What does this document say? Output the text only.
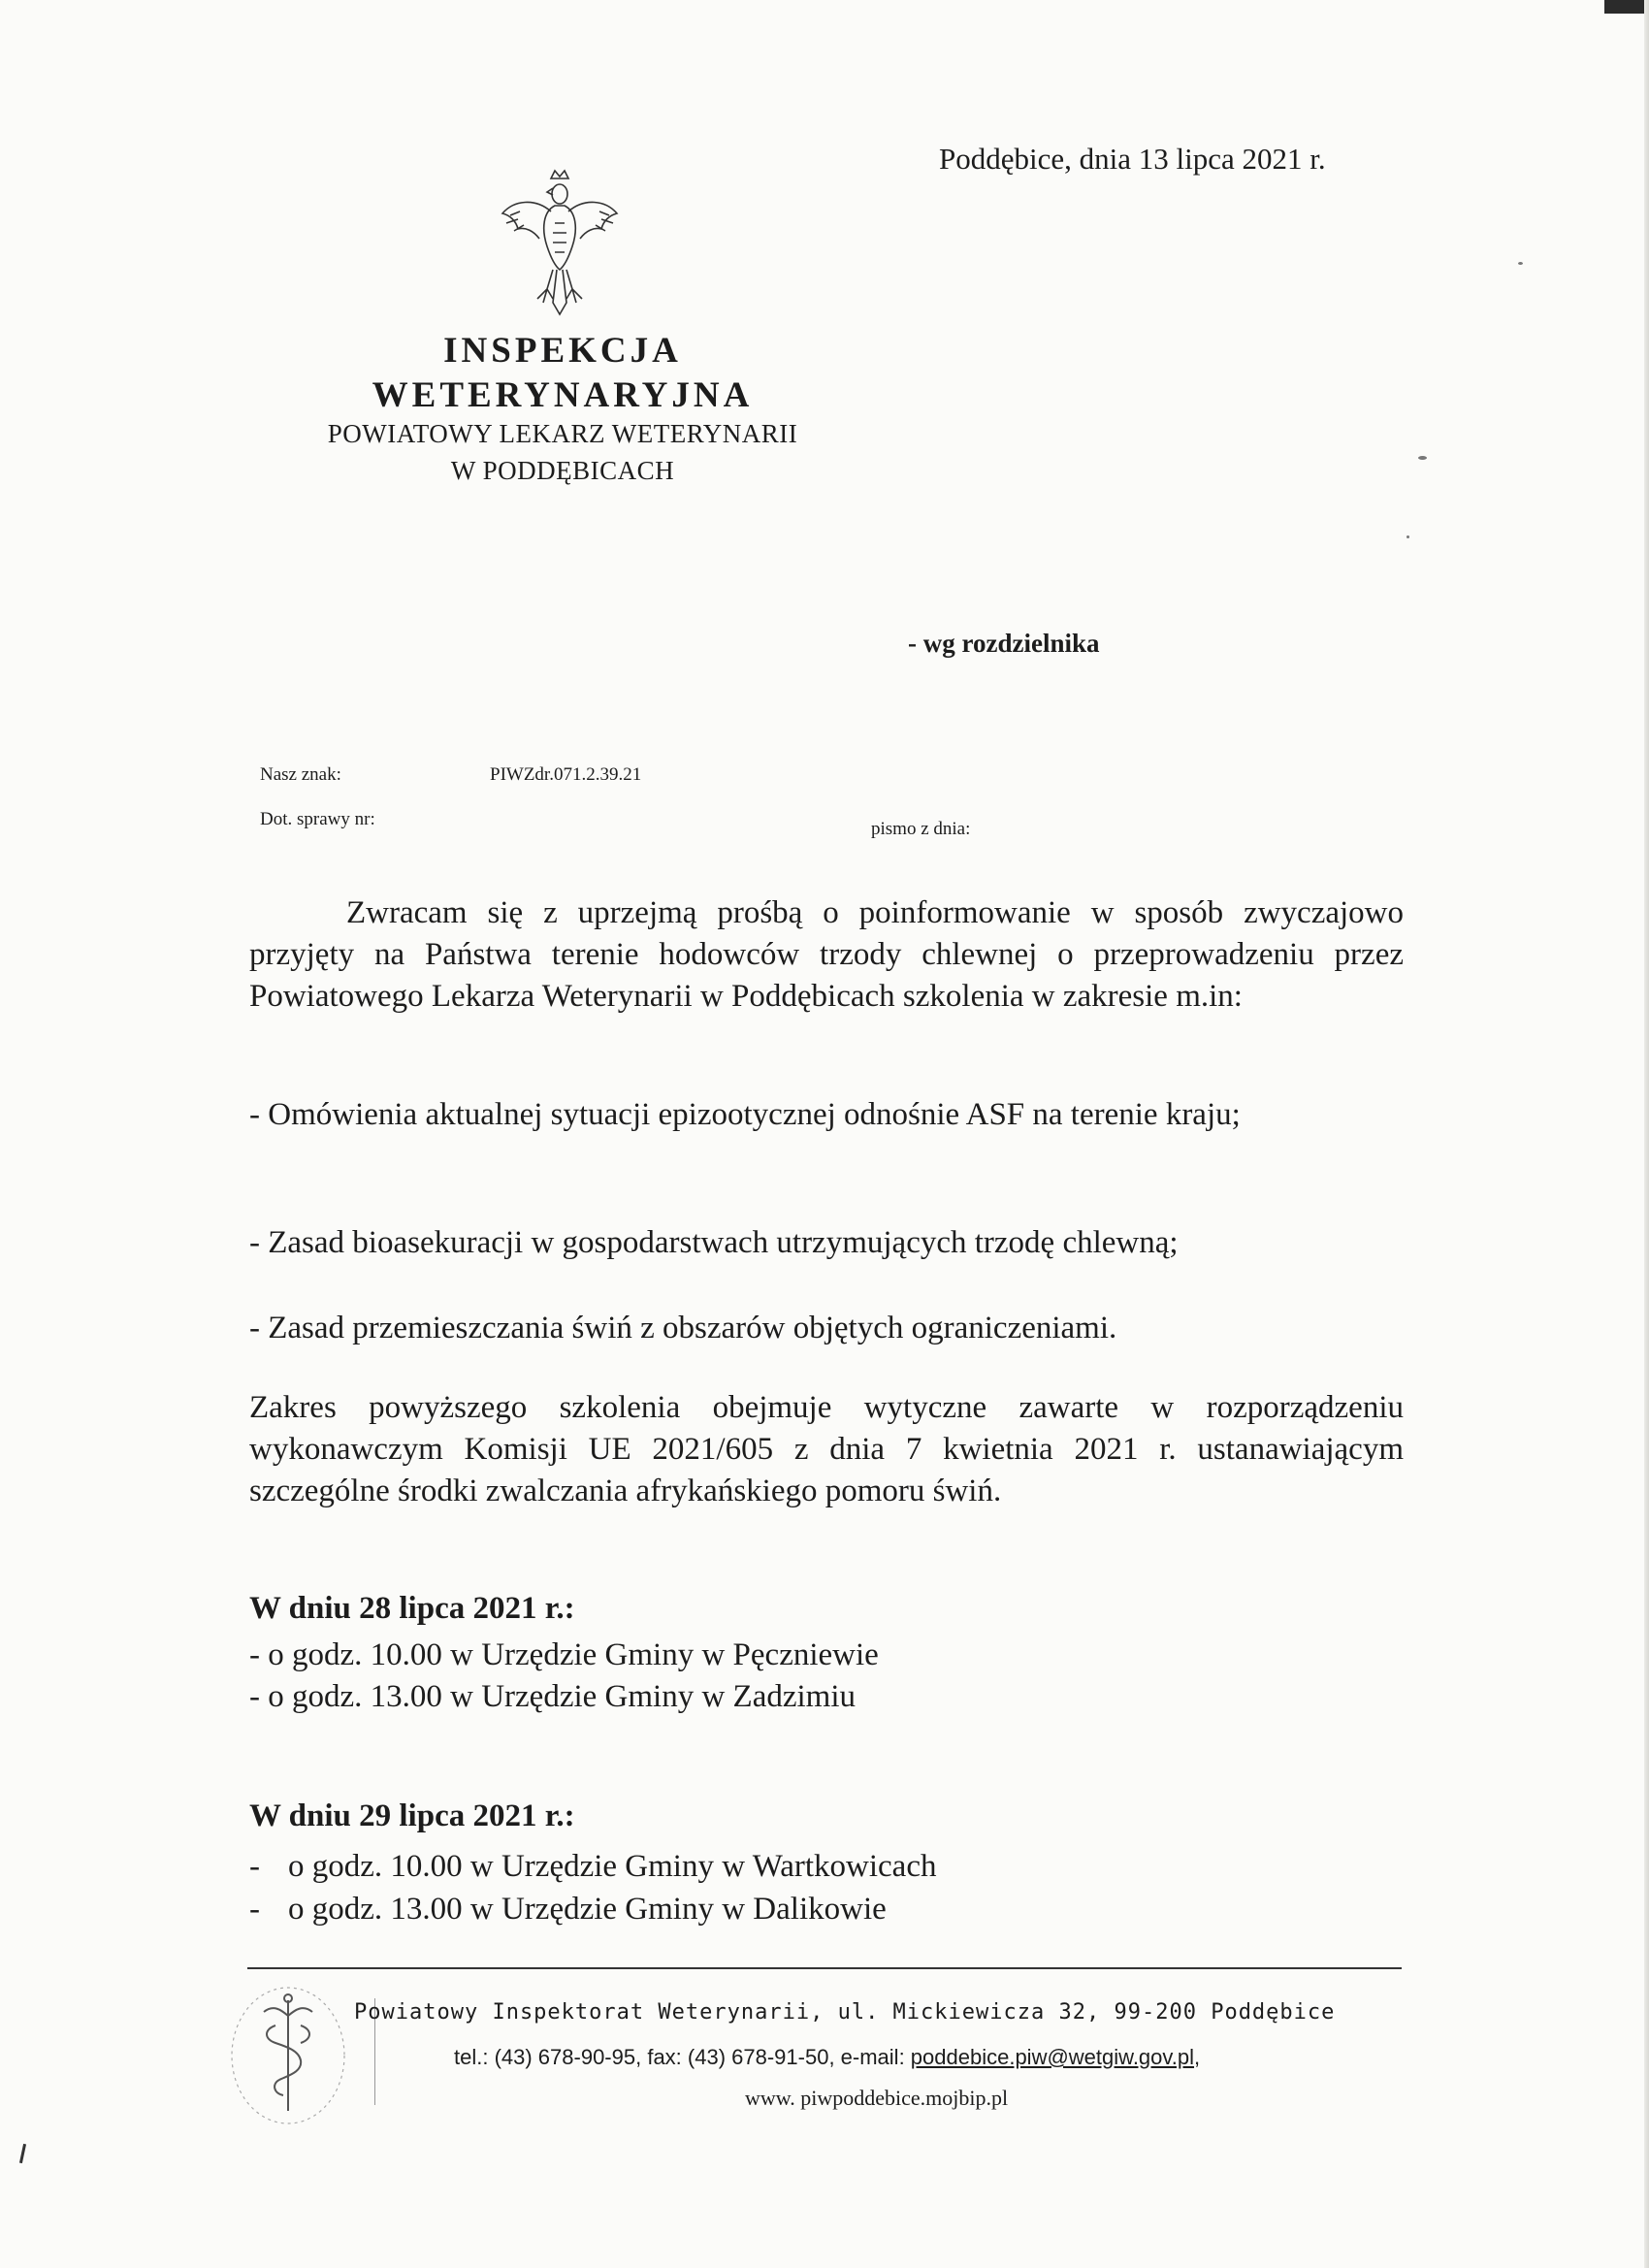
Poddębice, dnia 13 lipca 2021 r.
INSPEKCJA
WETERYNARYJNA
POWIATOWY LEKARZ WETERYNARII
W PODDĘBICACH
- wg rozdzielnika
Nasz znak:	PIWZdr.071.2.39.21
Dot. sprawy nr:	pismo z dnia:
Zwracam się z uprzejmą prośbą o poinformowanie w sposób zwyczajowo przyjęty na Państwa terenie hodowców trzody chlewnej o przeprowadzeniu przez Powiatowego Lekarza Weterynarii w Poddębicach szkolenia w zakresie m.in:
- Omówienia aktualnej sytuacji epizootycznej odnośnie ASF na terenie kraju;
- Zasad bioasekuracji w gospodarstwach utrzymujących trzodę chlewną;
- Zasad przemieszczania świń z obszarów objętych ograniczeniami.
Zakres powyższego szkolenia obejmuje wytyczne zawarte w rozporządzeniu wykonawczym Komisji UE 2021/605 z dnia 7 kwietnia 2021 r. ustanawiającym szczególne środki zwalczania afrykańskiego pomoru świń.
W dniu 28 lipca 2021 r.:
- o godz. 10.00 w Urzędzie Gminy w Pęczniewie
- o godz. 13.00 w Urzędzie Gminy w Zadzimiu
W dniu 29 lipca 2021 r.:
- o godz. 10.00 w Urzędzie Gminy w Wartkowicach
- o godz. 13.00 w Urzędzie Gminy w Dalikowie
Powiatowy Inspektorat Weterynarii, ul. Mickiewicza 32, 99-200 Poddębice
tel.: (43) 678-90-95, fax: (43) 678-91-50, e-mail: poddebice.piw@wetgiw.gov.pl,
www. piwpoddebice.mojbip.pl
